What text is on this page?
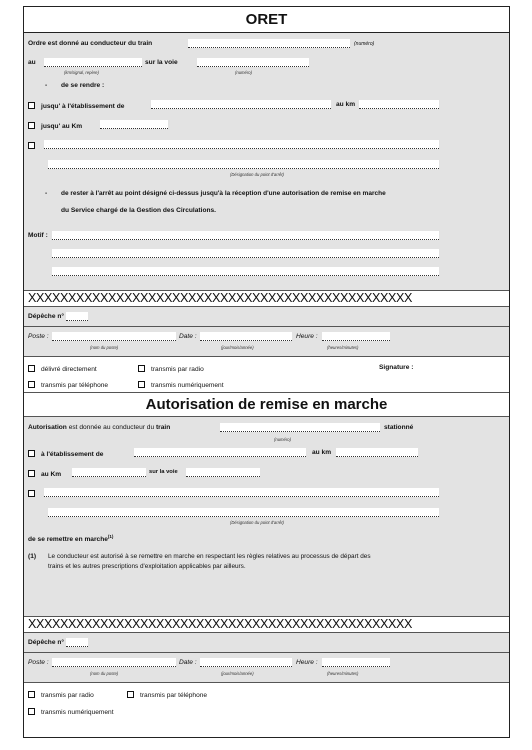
ORET
Ordre est donné au conducteur du train	(numéro)
au	sur la voie
(km/signal, repère)	(numéro)
- de se rendre :
jusqu' à l'établissement de	au km
jusqu' au Km
(Désignation du point d'arrêt)
- de rester à l'arrêt au point désigné ci-dessus jusqu'à la réception d'une autorisation de remise en marche
du Service chargé de la Gestion des Circulations.
Motif :
XXXXXXXXXXXXXXXXXXXXXXXXXXXXXXXXXXXXXXXXXXXXXXXX
Dépêche n°
Poste :	Date :	Heure :
(nom du poste)	(jour/mois/année)	(heures/minutes)
délivré directement	transmis par radio	Signature :
transmis par téléphone	transmis numériquement
Autorisation de remise en marche
Autorisation est donnée au conducteur du train	stationné
(numéro)
à l'établissement de	au km
au Km	sur la voie
(Désignation du point d'arrêt)
de se remettre en marche$^{(1)}$
(1) Le conducteur est autorisé à se remettre en marche en respectant les règles relatives au processus de départ des
trains et les autres prescriptions d'exploitation applicables par ailleurs.
XXXXXXXXXXXXXXXXXXXXXXXXXXXXXXXXXXXXXXXXXXXXXXXX
Dépêche n°
Poste :	Date :	Heure :
(nom du poste)	(jour/mois/année)	(heures/minutes)
transmis par radio	transmis par téléphone
transmis numériquement
